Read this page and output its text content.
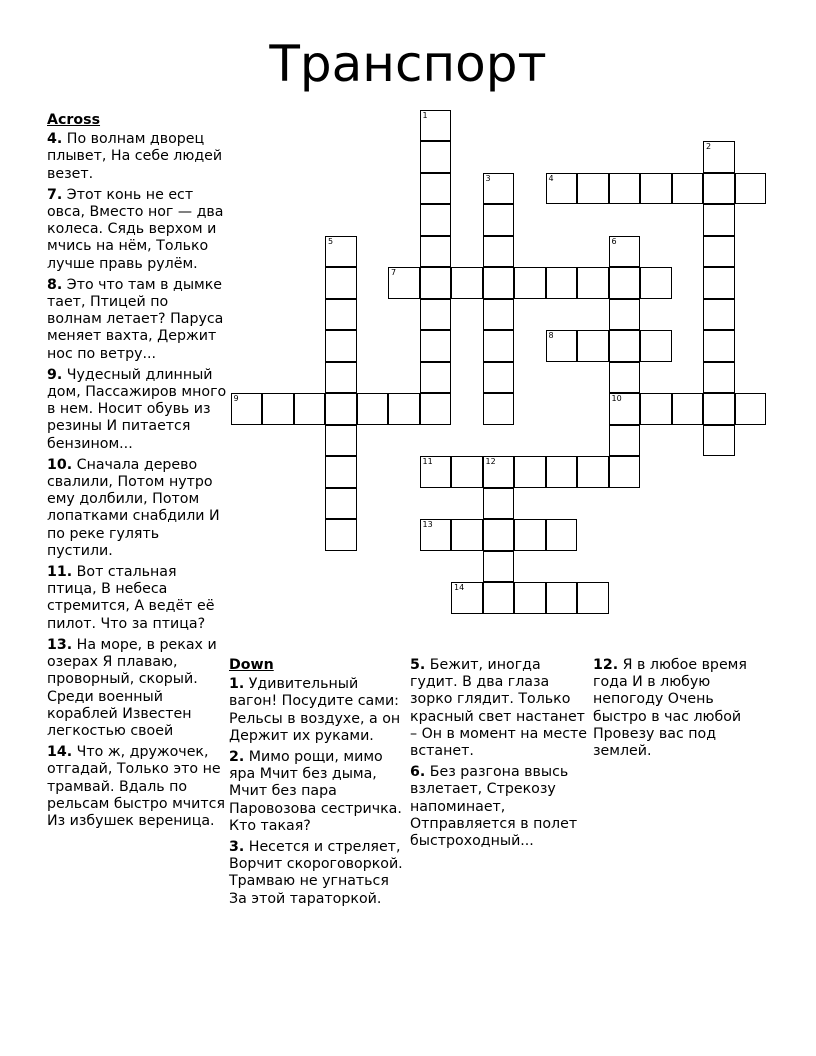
Транспорт
1
2
3	4
5	6
10
7
8
9
11	12
13
14
Across
4. По волнам дворец плывет, На себе людей везет.
7. Этот конь не ест овса, Вместо ног — два колеса. Сядь верхом и мчись на нём, Только лучше правь рулём.
8. Это что там в дымке тает, Птицей по волнам летает? Паруса меняет вахта, Держит нос по ветру...
9. Чудесный длинный дом, Пассажиров много в нем. Носит обувь из резины И питается бензином...
10. Сначала дерево свалили, Потом нутро ему долбили, Потом лопатками снабдили И по реке гулять пустили.
11. Вот стальная птица, В небеса стремится, А ведёт её пилот. Что за птица?
13. На море, в реках и озерах Я плаваю, проворный, скорый. Среди военный кораблей Известен легкостью своей
14. Что ж, дружочек, отгадай, Только это не трамвай. Вдаль по рельсам быстро мчится Из избушек вереница.
Down
1. Удивительный вагон! Посудите сами: Рельсы в воздухе, а он Держит их руками.
2. Мимо рощи, мимо яра Мчит без дыма, Мчит без пара Паровозова сестричка. Кто такая?
3. Несется и стреляет, Ворчит скороговоркой. Трамваю не угнаться За этой тараторкой.
5. Бежит, иногда гудит. В два глаза зорко глядит. Только красный свет настанет – Он в момент на месте встанет.
6. Без разгона ввысь взлетает, Стрекозу напоминает, Отправляется в полет быстроходный...
12. Я в любое время года И в любую непогоду Очень быстро в час любой Провезу вас под землей.
